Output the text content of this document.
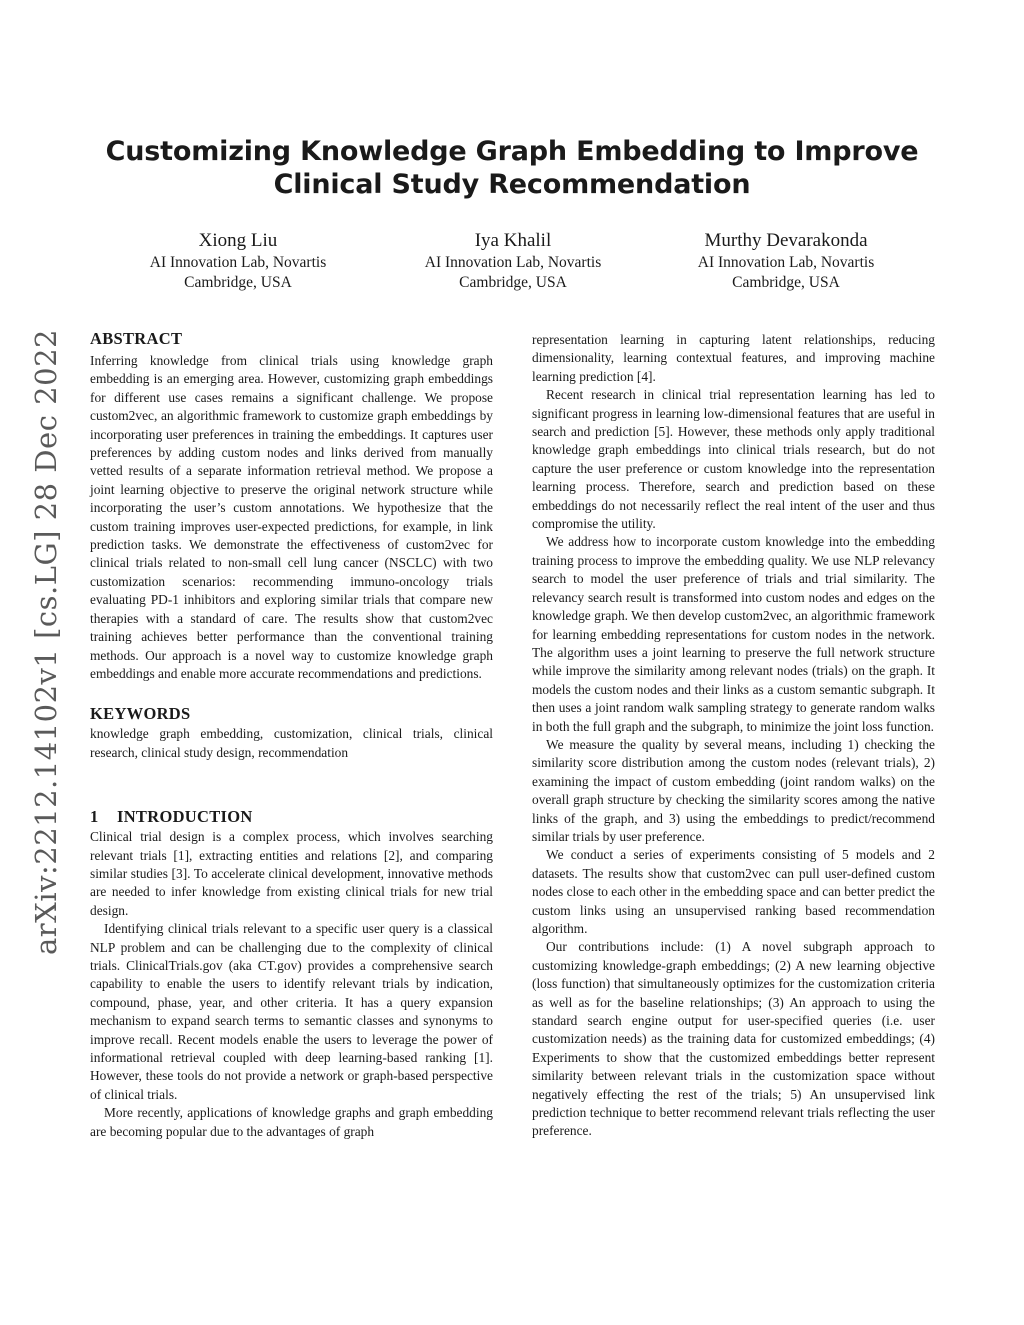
Customizing Knowledge Graph Embedding to Improve Clinical Study Recommendation
Xiong Liu
AI Innovation Lab, Novartis
Cambridge, USA
Iya Khalil
AI Innovation Lab, Novartis
Cambridge, USA
Murthy Devarakonda
AI Innovation Lab, Novartis
Cambridge, USA
arXiv:2212.14102v1 [cs.LG] 28 Dec 2022 ABSTRACT

Inferring knowledge from clinical trials using knowledge graph embedding is an emerging area. However, customizing graph embeddings for different use cases remains a significant challenge. We propose custom2vec, an algorithmic framework to customize graph embeddings by incorporating user preferences in training the embeddings. It captures user preferences by adding custom nodes and links derived from manually vetted results of a separate information retrieval method. We propose a joint learning objective to preserve the original network structure while incorporating the user’s custom annotations. We hypothesize that the custom training improves user-expected predictions, for example, in link prediction tasks. We demonstrate the effectiveness of custom2vec for clinical trials related to non-small cell lung cancer (NSCLC) with two customization scenarios: recommending immuno-oncology trials evaluating PD-1 inhibitors and exploring similar trials that compare new therapies with a standard of care. The results show that custom2vec training achieves better performance than the conventional training methods. Our approach is a novel way to customize knowledge graph embeddings and enable more accurate recommendations and predictions.

KEYWORDS

knowledge graph embedding, customization, clinical trials, clinical research, clinical study design, recommendation

1 INTRODUCTION

Clinical trial design is a complex process, which involves searching relevant trials [1], extracting entities and relations [2], and comparing similar studies [3]. To accelerate clinical development, innovative methods are needed to infer knowledge from existing clinical trials for new trial design.

Identifying clinical trials relevant to a specific user query is a classical NLP problem and can be challenging due to the complexity of clinical trials. ClinicalTrials.gov (aka CT.gov) provides a comprehensive search capability to enable the users to identify relevant trials by indication, compound, phase, year, and other criteria. It has a query expansion mechanism to expand search terms to semantic classes and synonyms to improve recall. Recent models enable the users to leverage the power of informational retrieval coupled with deep learning-based ranking [1]. However, these tools do not provide a network or graph-based perspective of clinical trials.

More recently, applications of knowledge graphs and graph embedding are becoming popular due to the advantages of graph

representation learning in capturing latent relationships, reducing dimensionality, learning contextual features, and improving machine learning prediction [4].

Recent research in clinical trial representation learning has led to significant progress in learning low-dimensional features that are useful in search and prediction [5]. However, these methods only apply traditional knowledge graph embeddings into clinical trials research, but do not capture the user preference or custom knowledge into the representation learning process. Therefore, search and prediction based on these embeddings do not necessarily reflect the real intent of the user and thus compromise the utility.

We address how to incorporate custom knowledge into the embedding training process to improve the embedding quality. We use NLP relevancy search to model the user preference of trials and trial similarity. The relevancy search result is transformed into custom nodes and edges on the knowledge graph. We then develop custom2vec, an algorithmic framework for learning embedding representations for custom nodes in the network. The algorithm uses a joint learning to preserve the full network structure while improve the similarity among relevant nodes (trials) on the graph. It models the custom nodes and their links as a custom semantic subgraph. It then uses a joint random walk sampling strategy to generate random walks in both the full graph and the subgraph, to minimize the joint loss function.

We measure the quality by several means, including 1) checking the similarity score distribution among the custom nodes (relevant trials), 2) examining the impact of custom embedding (joint random walks) on the overall graph structure by checking the similarity scores among the native links of the graph, and 3) using the embeddings to predict/recommend similar trials by user preference.

We conduct a series of experiments consisting of 5 models and 2 datasets. The results show that custom2vec can pull user-defined custom nodes close to each other in the embedding space and can better predict the custom links using an unsupervised ranking based recommendation algorithm.

Our contributions include: (1) A novel subgraph approach to customizing knowledge-graph embeddings; (2) A new learning objective (loss function) that simultaneously optimizes for the customization criteria as well as for the baseline relationships; (3) An approach to using the standard search engine output for user-specified queries (i.e. user customization needs) as the training data for customized embeddings; (4) Experiments to show that the customized embeddings better represent similarity between relevant trials in the customization space without negatively effecting the rest of the trials; 5) An unsupervised link prediction technique to better recommend relevant trials reflecting the user preference.
